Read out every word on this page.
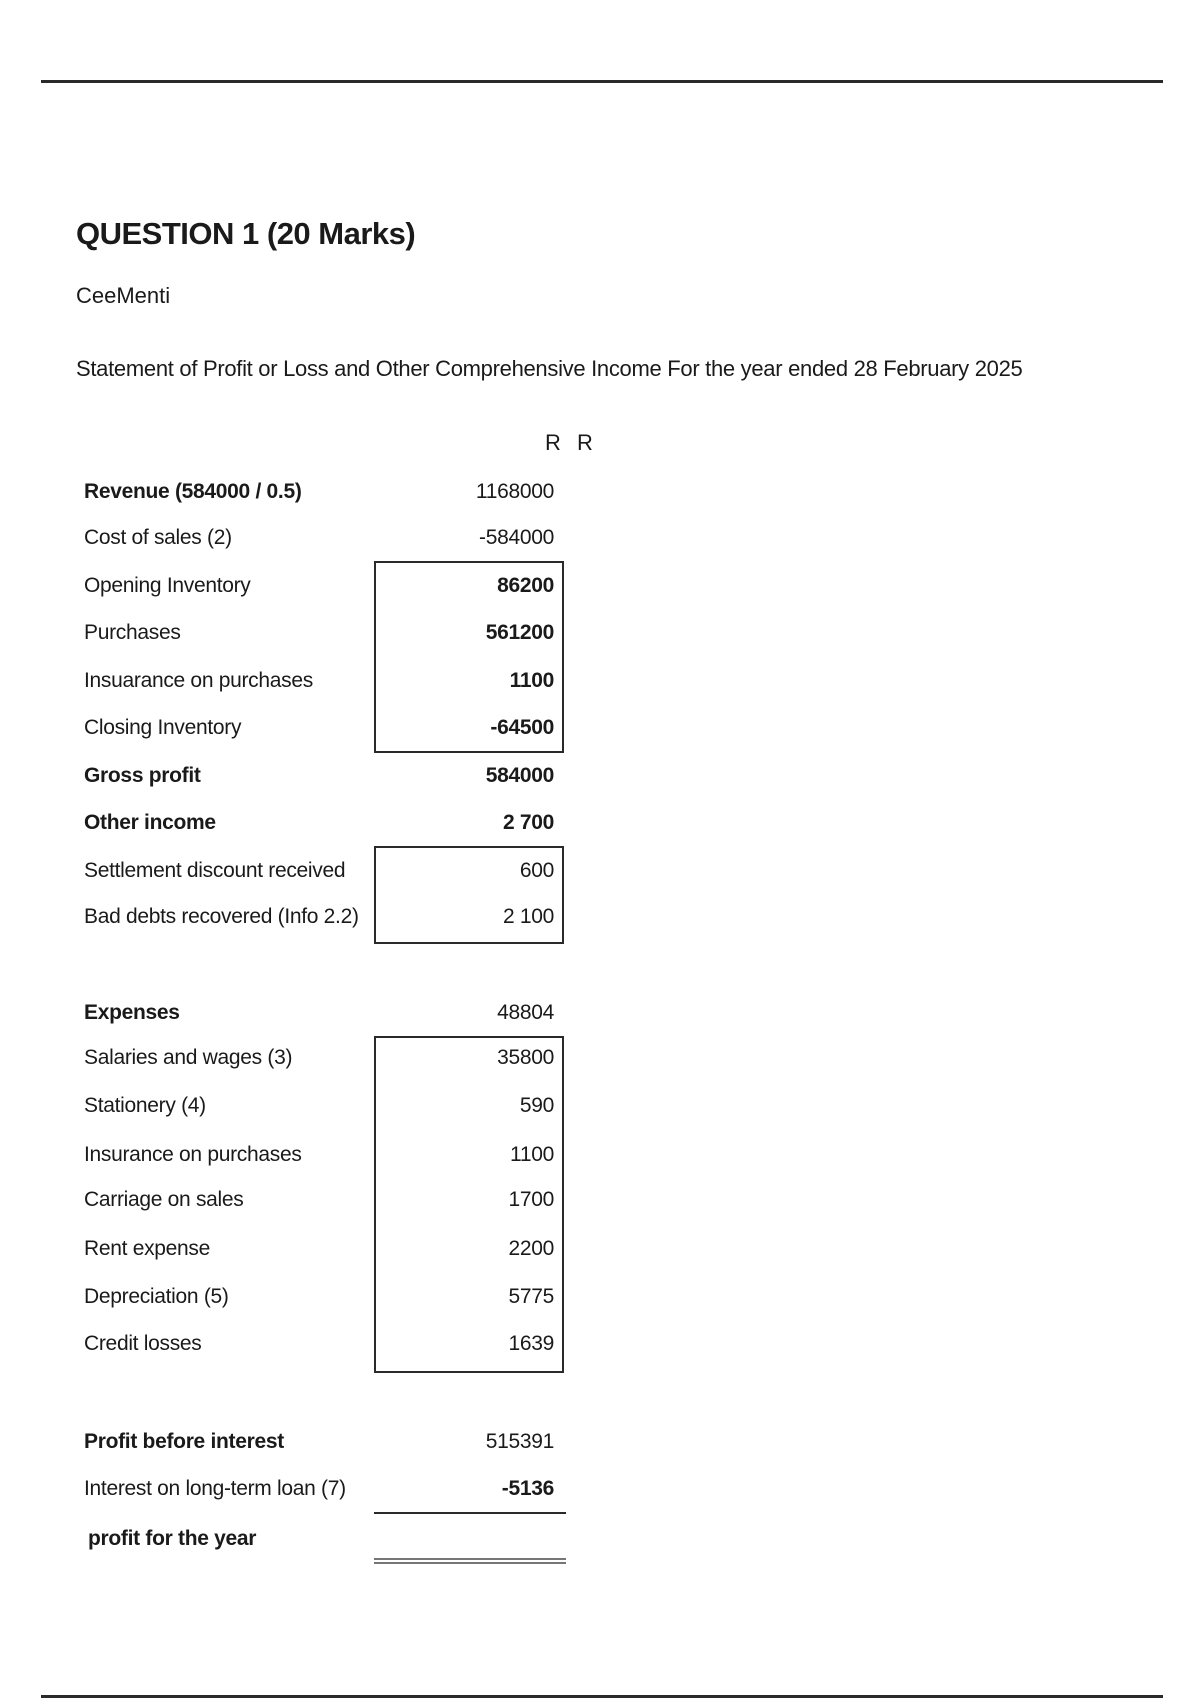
QUESTION 1 (20 Marks)

CeeMenti

Statement of Profit or Loss and Other Comprehensive Income For the year ended 28 February 2025

R R
Revenue (584000 / 0.5)	1168000
Cost of sales (2)	-584000
Opening Inventory	86200
Purchases	561200
Insuarance on purchases	1100
Closing Inventory	-64500
Gross profit	584000
Other income	2 700
Settlement discount received	600
Bad debts recovered (Info 2.2)	2 100
Expenses	48804
Salaries and wages (3)	35800
Stationery (4)	590
Insurance on purchases	1100
Carriage on sales	1700
Rent expense	2200
Depreciation (5)	5775
Credit losses	1639
Profit before interest	515391
Interest on long-term loan (7)	-5136
profit for the year
